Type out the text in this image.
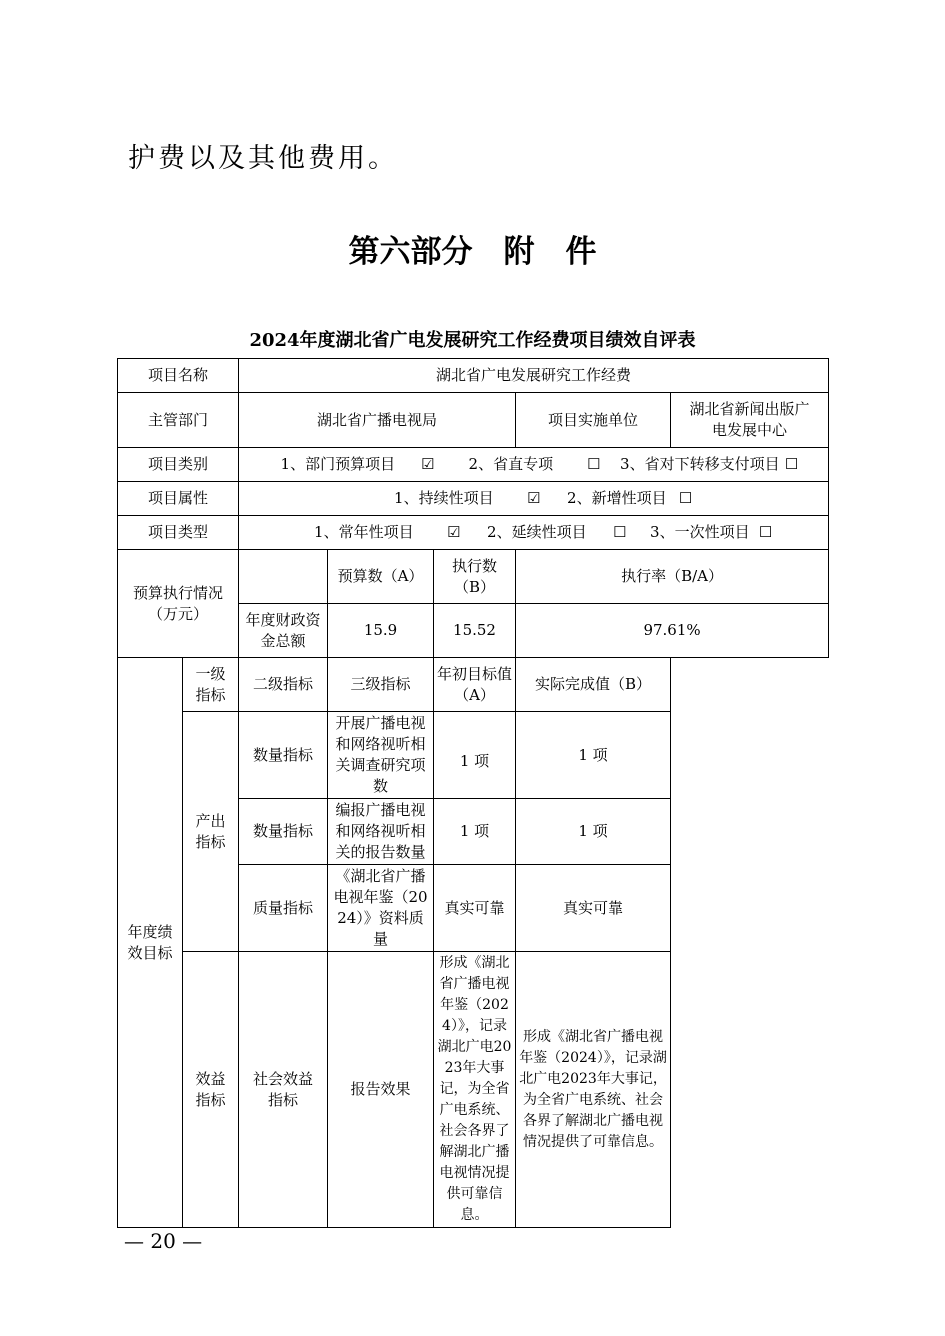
护费以及其他费用。
第六部分　附　件
2024年度湖北省广电发展研究工作经费项目绩效自评表
项目名称		湖北省广电发展研究工作经费				
主管部门		湖北省广播电视局			项目实施单位	湖北省新闻出版广电发展中心
项目类别		1、部门预算项目 ☑ 2、省直专项 ☐ 3、省对下转移支付项目 ☐				
项目属性		1、持续性项目 ☑ 2、新增性项目 ☐				
项目类型		1、常年性项目 ☑ 2、延续性项目 ☐ 3、一次性项目 ☐				
预算执行情况（万元）			预算数（A）	执行数（B）	执行率（B/A）	
		年度财政资金总额	15.9	15.52	97.61%	
年度绩效目标	一级指标	二级指标	三级指标	年初目标值（A）	实际完成值（B）	
	产出指标	数量指标	开展广播电视和网络视听相关调查研究项数	1 项	1 项	
		数量指标	编报广播电视和网络视听相关的报告数量	1 项	1 项	
		质量指标	《湖北省广播电视年鉴（2024）》资料质量	真实可靠	真实可靠	
	效益指标	社会效益指标	报告效果	形成《湖北省广播电视年鉴（2024）》，记录湖北广电2023年大事记，为全省广电系统、社会各界了解湖北广播电视情况提供可靠信息。	形成《湖北省广播电视年鉴（2024）》，记录湖北广电2023年大事记，为全省广电系统、社会各界了解湖北广播电视情况提供了可靠信息。	
— 20 —
